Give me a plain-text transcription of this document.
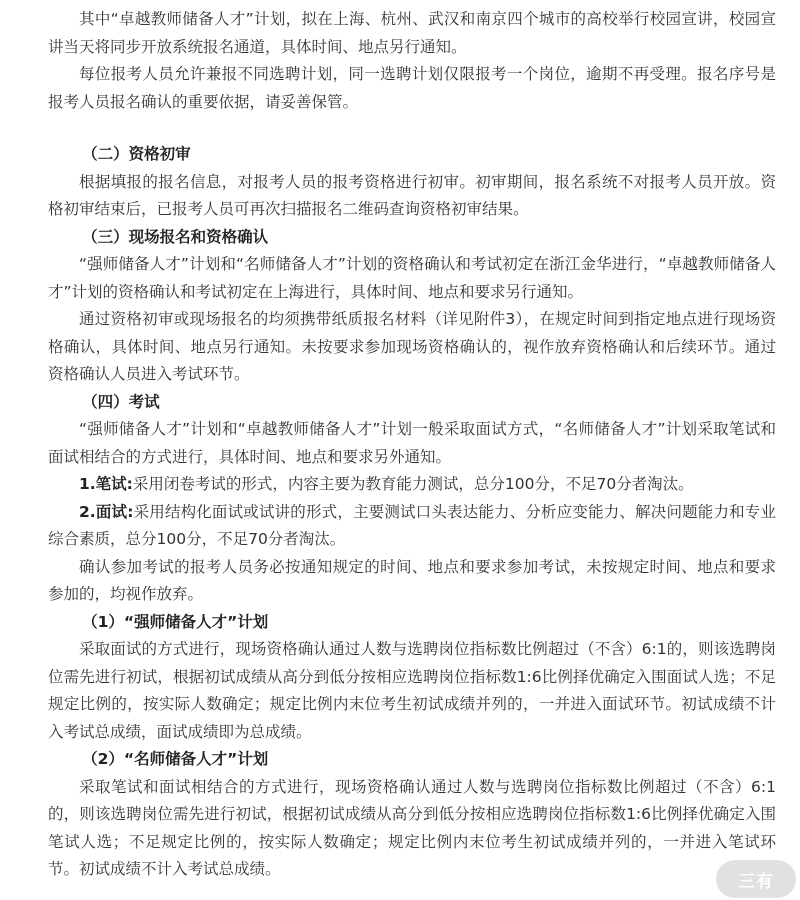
其中“卓越教师储备人才”计划，拟在上海、杭州、武汉和南京四个城市的高校举行校园宣讲，校园宣讲当天将同步开放系统报名通道，具体时间、地点另行通知。

每位报考人员允许兼报不同选聘计划，同一选聘计划仅限报考一个岗位，逾期不再受理。报名序号是报考人员报名确认的重要依据，请妥善保管。

（二）资格初审

根据填报的报名信息，对报考人员的报考资格进行初审。初审期间，报名系统不对报考人员开放。资格初审结束后，已报考人员可再次扫描报名二维码查询资格初审结果。

（三）现场报名和资格确认

“强师储备人才”计划和“名师储备人才”计划的资格确认和考试初定在浙江金华进行，“卓越教师储备人才”计划的资格确认和考试初定在上海进行，具体时间、地点和要求另行通知。

通过资格初审或现场报名的均须携带纸质报名材料（详见附件3），在规定时间到指定地点进行现场资格确认，具体时间、地点另行通知。未按要求参加现场资格确认的，视作放弃资格确认和后续环节。通过资格确认人员进入考试环节。

（四）考试

“强师储备人才”计划和“卓越教师储备人才”计划一般采取面试方式，“名师储备人才”计划采取笔试和面试相结合的方式进行，具体时间、地点和要求另外通知。

1.笔试:采用闭卷考试的形式，内容主要为教育能力测试，总分100分，不足70分者淘汰。

2.面试:采用结构化面试或试讲的形式，主要测试口头表达能力、分析应变能力、解决问题能力和专业综合素质，总分100分，不足70分者淘汰。

确认参加考试的报考人员务必按通知规定的时间、地点和要求参加考试，未按规定时间、地点和要求参加的，均视作放弃。

（1）“强师储备人才”计划

采取面试的方式进行，现场资格确认通过人数与选聘岗位指标数比例超过（不含）6:1的，则该选聘岗位需先进行初试，根据初试成绩从高分到低分按相应选聘岗位指标数1:6比例择优确定入围面试人选；不足规定比例的，按实际人数确定；规定比例内末位考生初试成绩并列的，一并进入面试环节。初试成绩不计入考试总成绩，面试成绩即为总成绩。

（2）“名师储备人才”计划

采取笔试和面试相结合的方式进行，现场资格确认通过人数与选聘岗位指标数比例超过（不含）6:1的，则该选聘岗位需先进行初试，根据初试成绩从高分到低分按相应选聘岗位指标数1:6比例择优确定入围笔试人选；不足规定比例的，按实际人数确定；规定比例内末位考生初试成绩并列的，一并进入笔试环节。初试成绩不计入考试总成绩。

三有
